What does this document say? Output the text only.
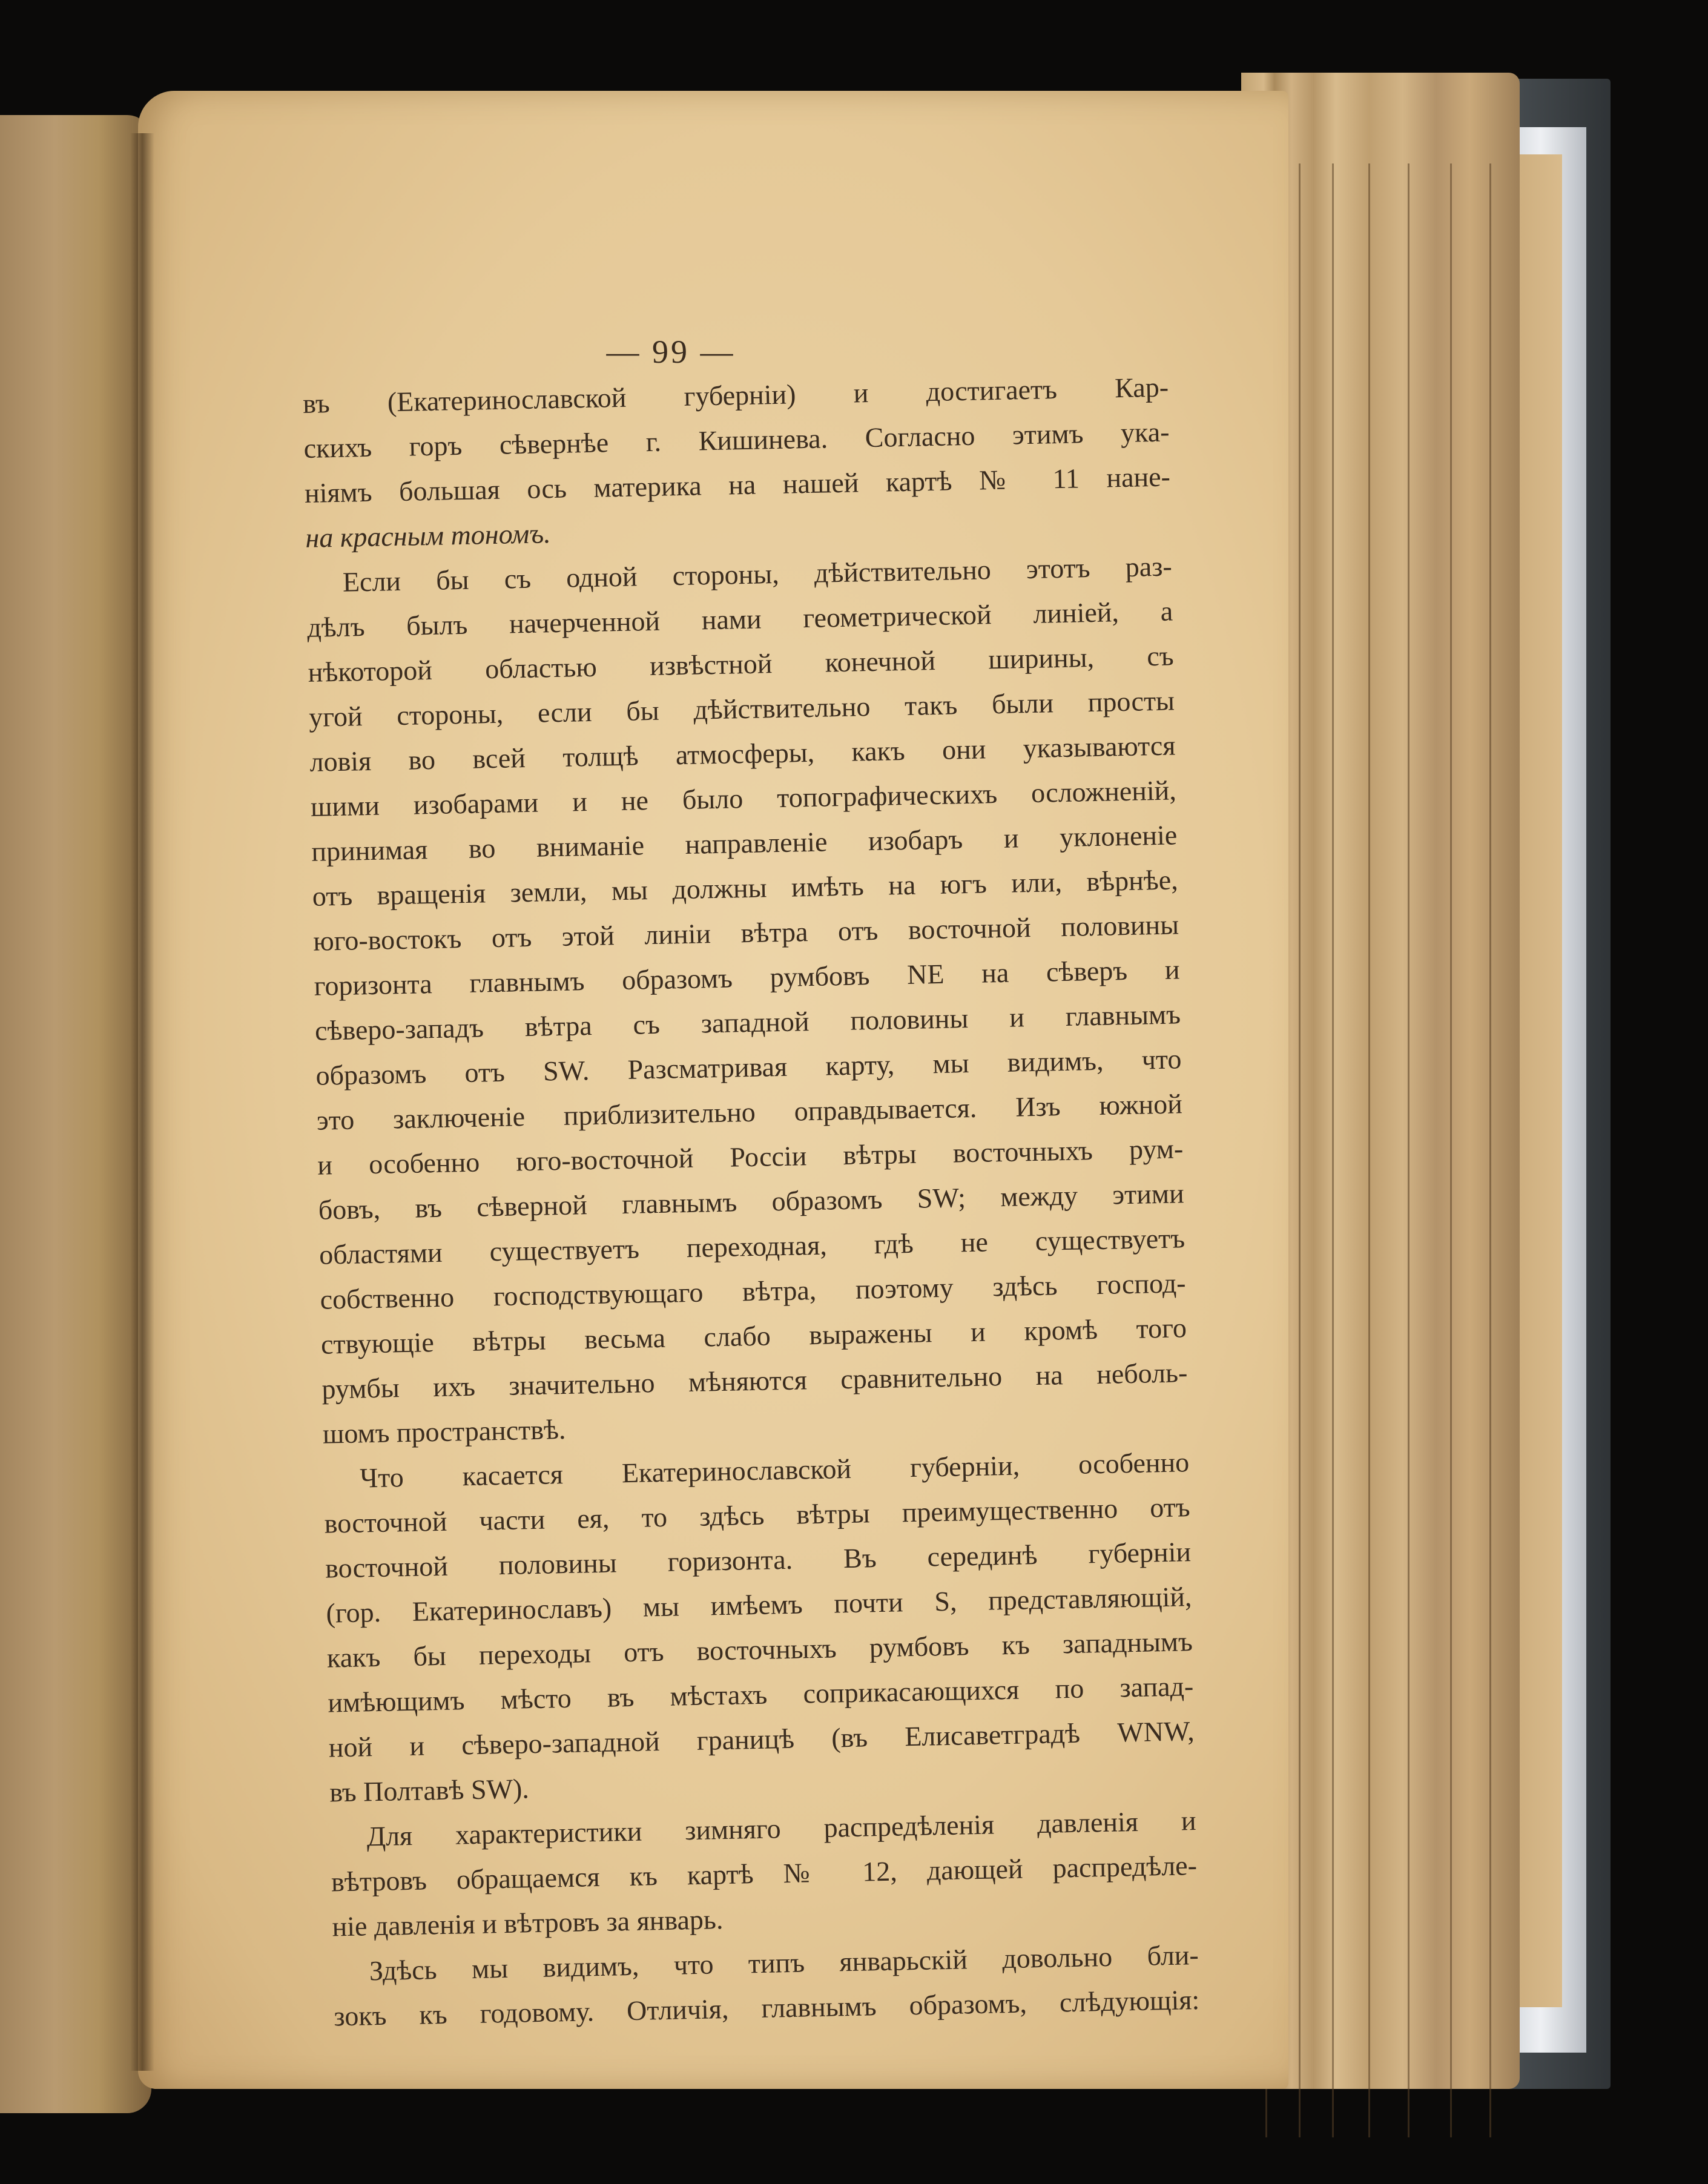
— 99 —
въ (Екатеринославской губернiи) и достигаетъ Кар-
скихъ горъ сѣвернѣе г. Кишинева. Согласно этимъ ука-
ніямъ большая ось материка на нашей картѣ № 11 нане-
на красным тономъ.
Если бы съ одной стороны, дѣйствительно этотъ раз-
дѣлъ былъ начерченной нами геометрической линiей, а
нѣкоторой областью извѣстной конечной ширины, съ
угой стороны, если бы дѣйствительно такъ были просты
ловiя во всей толщѣ атмосферы, какъ они указываются
шими изобарами и не было топографическихъ осложненiй,
принимая во вниманiе направленiе изобаръ и уклоненiе
отъ вращенiя земли, мы должны имѣть на югъ или, вѣрнѣе,
юго-востокъ отъ этой линiи вѣтра отъ восточной половины
горизонта главнымъ образомъ румбовъ NE на сѣверъ и
сѣверо-западъ вѣтра съ западной половины и главнымъ
образомъ отъ SW. Разсматривая карту, мы видимъ, что
это заключенiе приблизительно оправдывается. Изъ южной
и особенно юго-восточной Россiи вѣтры восточныхъ рум-
бовъ, въ сѣверной главнымъ образомъ SW; между этими
областями существуетъ переходная, гдѣ не существуетъ
собственно господствующаго вѣтра, поэтому здѣсь господ-
ствующiе вѣтры весьма слабо выражены и кромѣ того
румбы ихъ значительно мѣняются сравнительно на неболь-
шомъ пространствѣ.
Что касается Екатеринославской губернiи, особенно
восточной части ея, то здѣсь вѣтры преимущественно отъ
восточной половины горизонта. Въ серединѣ губернiи
(гор. Екатеринославъ) мы имѣемъ почти S, представляющiй,
какъ бы переходы отъ восточныхъ румбовъ къ западнымъ
имѣющимъ мѣсто въ мѣстахъ соприкасающихся по запад-
ной и сѣверо-западной границѣ (въ Елисаветградѣ WNW,
въ Полтавѣ SW).
Для характеристики зимняго распредѣленiя давленiя и
вѣтровъ обращаемся къ картѣ № 12, дающей распредѣле-
нiе давленiя и вѣтровъ за январь.
Здѣсь мы видимъ, что типъ январьскiй довольно бли-
зокъ къ годовому. Отличiя, главнымъ образомъ, слѣдующiя:
